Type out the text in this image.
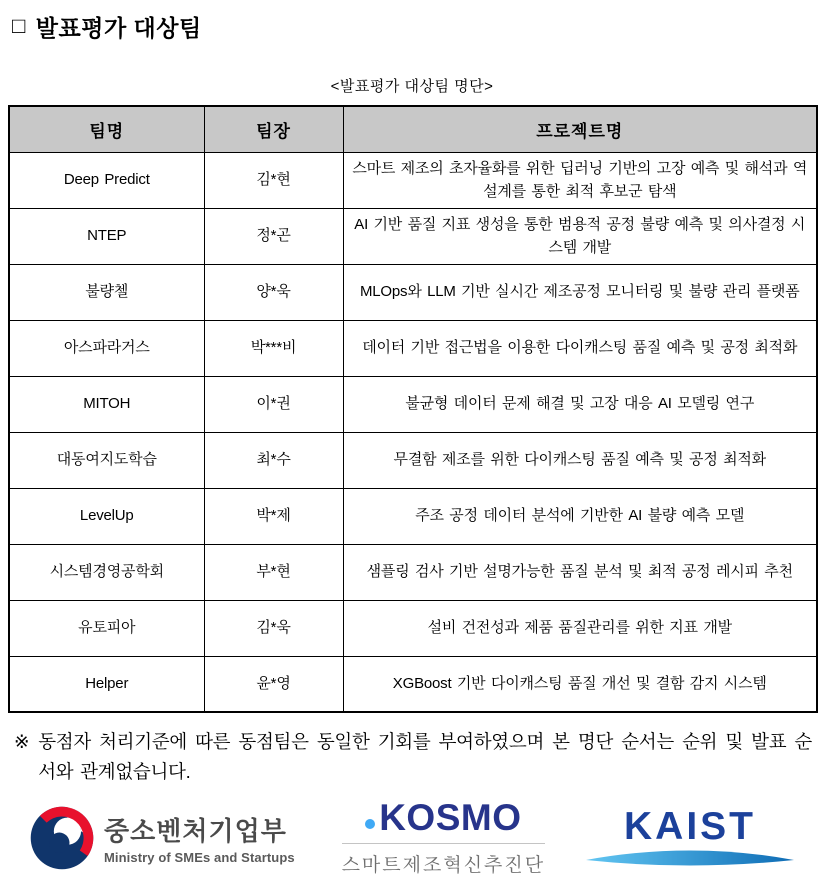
□ 발표평가 대상팀
<발표평가 대상팀 명단>
팀명	팀장	프로젝트명
Deep Predict	김*현	스마트 제조의 초자율화를 위한 딥러닝 기반의 고장 예측 및 해석과 역설계를 통한 최적 후보군 탐색
NTEP	정*곤	AI 기반 품질 지표 생성을 통한 범용적 공정 불량 예측 및 의사결정 시스템 개발
불량첼	양*욱	MLOps와 LLM 기반 실시간 제조공정 모니터링 및 불량 관리 플랫폼
아스파라거스	박***비	데이터 기반 접근법을 이용한 다이캐스팅 품질 예측 및 공정 최적화
MITOH	이*권	불균형 데이터 문제 해결 및 고장 대응 AI 모델링 연구
대동여지도학습	최*수	무결함 제조를 위한 다이캐스팅 품질 예측 및 공정 최적화
LevelUp	박*제	주조 공정 데이터 분석에 기반한 AI 불량 예측 모델
시스템경영공학회	부*현	샘플링 검사 기반 설명가능한 품질 분석 및 최적 공정 레시피 추천
유토피아	김*욱	설비 건전성과 제품 품질관리를 위한 지표 개발
Helper	윤*영	XGBoost 기반 다이캐스팅 품질 개선 및 결함 감지 시스템
※ 동점자 처리기준에 따른 동점팀은 동일한 기회를 부여하였으며 본 명단 순서는 순위 및 발표 순서와 관계없습니다.
중소벤처기업부
Ministry of SMEs and Startups
KOSMO
스마트제조혁신추진단
KAIST
